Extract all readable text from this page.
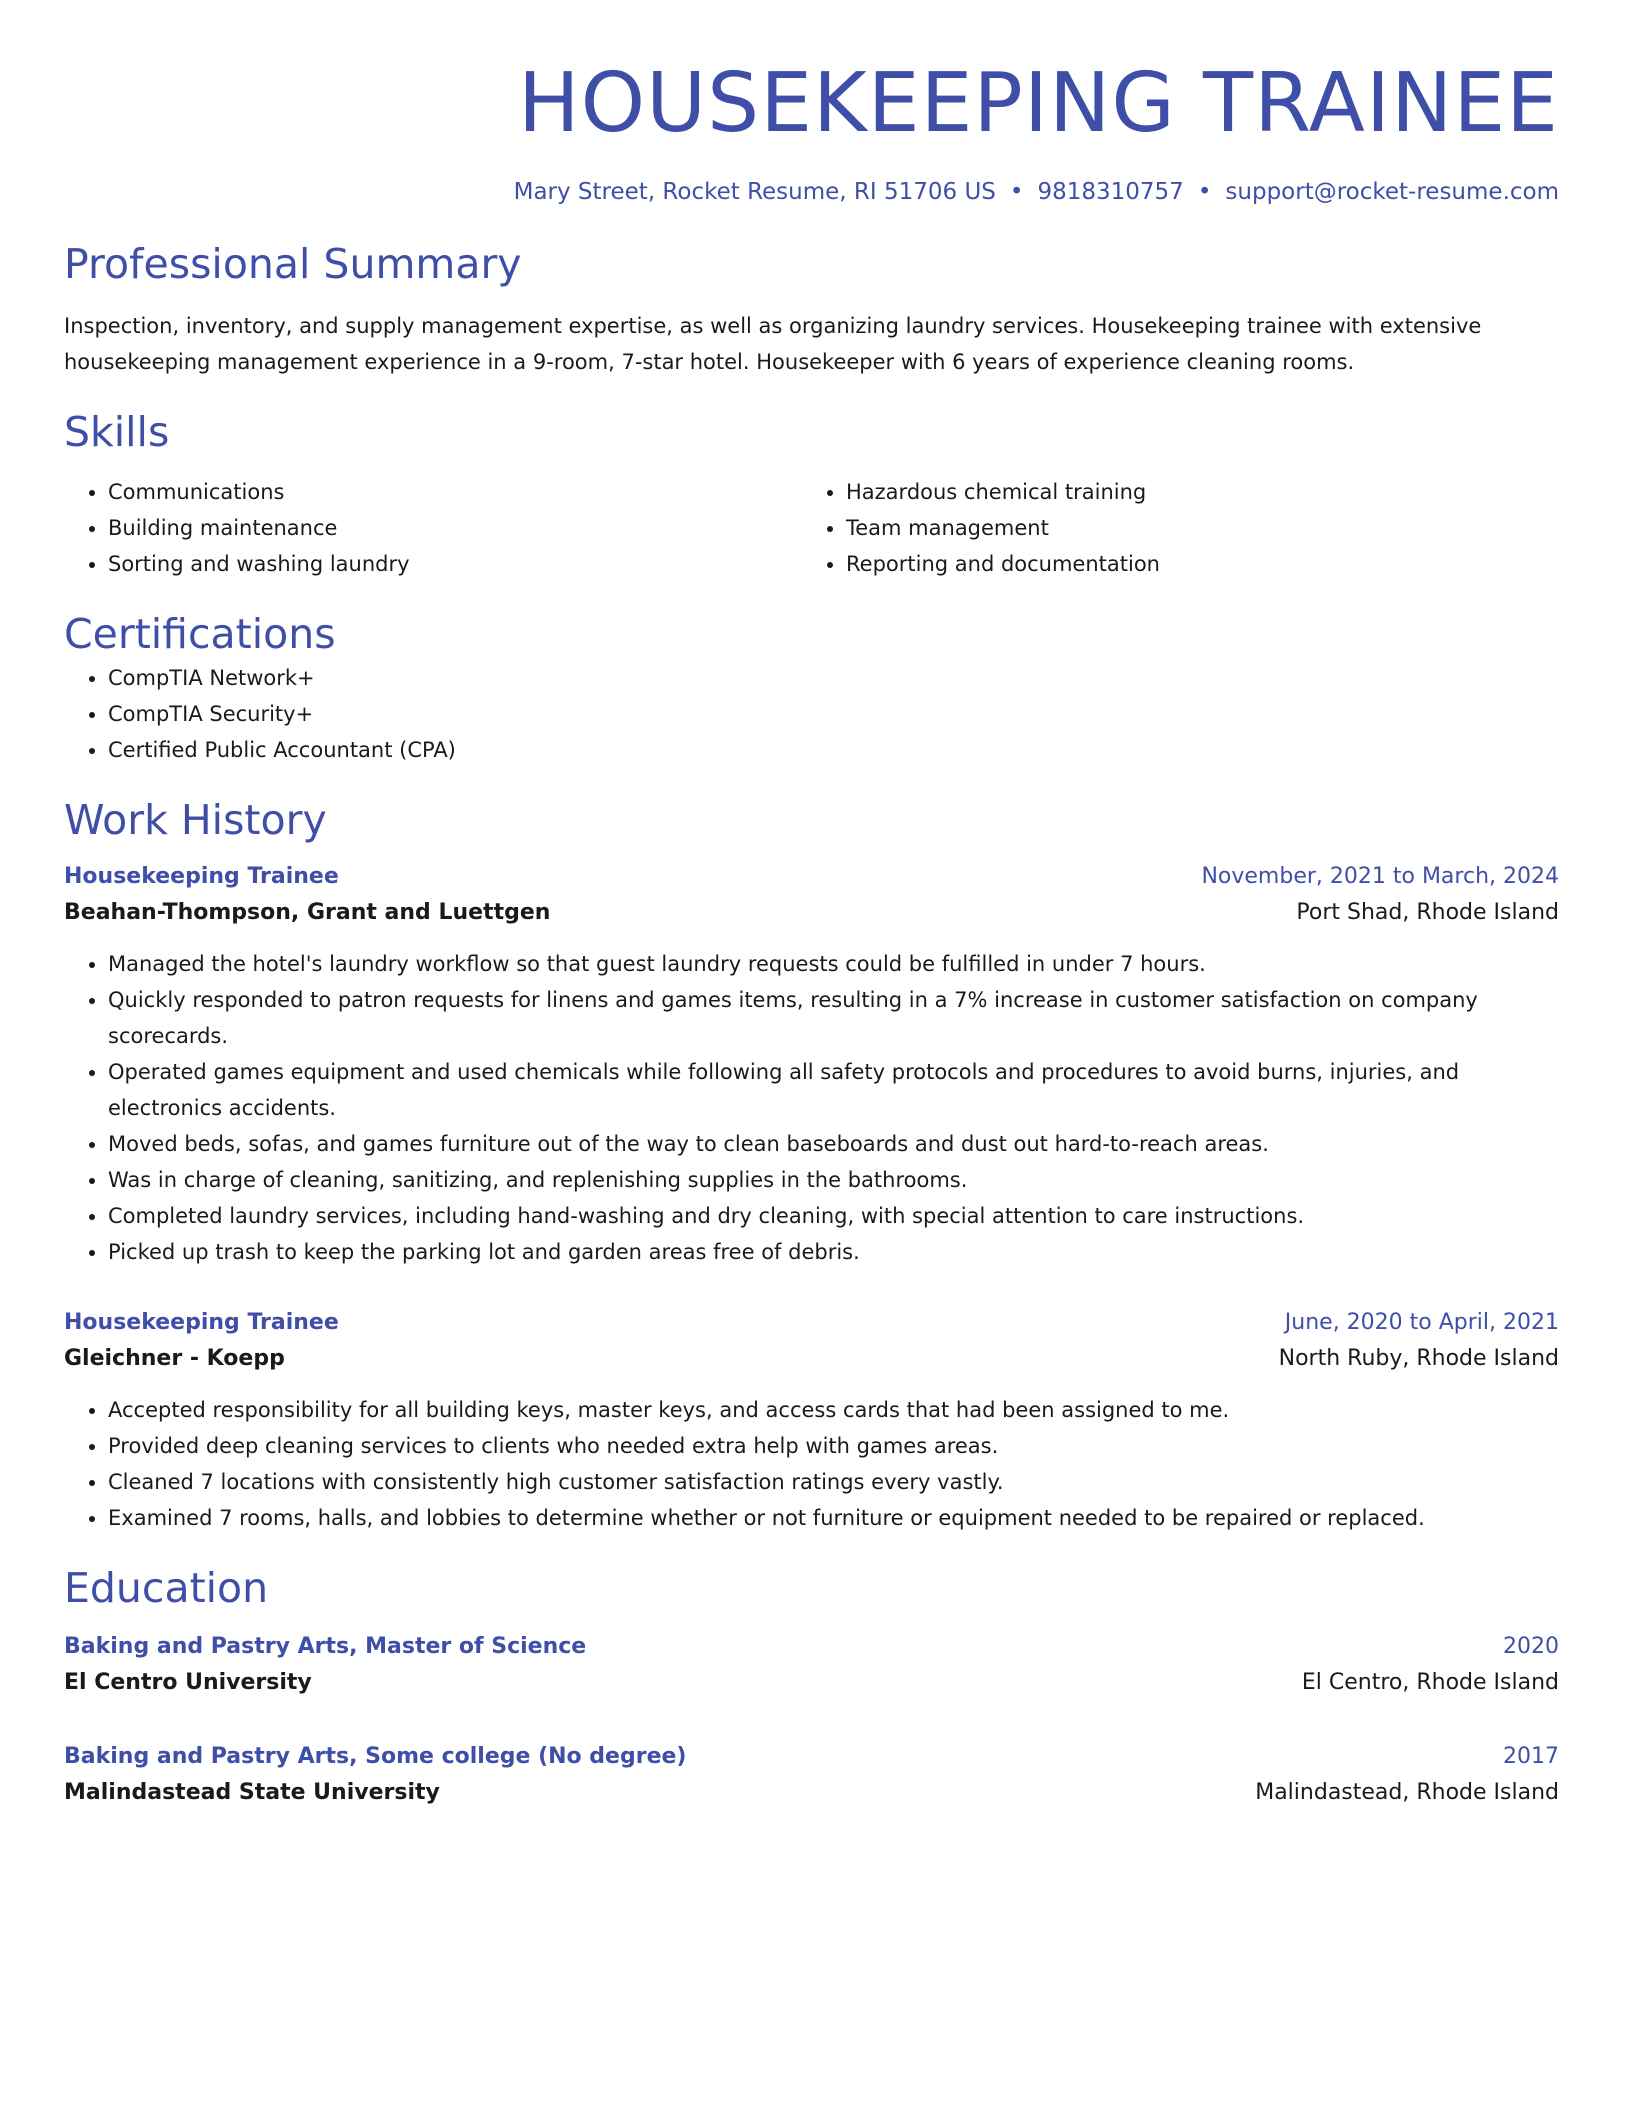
HOUSEKEEPING TRAINEE
Mary Street, Rocket Resume, RI 51706 US • 9818310757 • support@rocket-resume.com
Professional Summary
Inspection, inventory, and supply management expertise, as well as organizing laundry services. Housekeeping trainee with extensive housekeeping management experience in a 9-room, 7-star hotel. Housekeeper with 6 years of experience cleaning rooms.
Skills
• Communications
• Building maintenance
• Sorting and washing laundry
• Hazardous chemical training
• Team management
• Reporting and documentation
Certifications
• CompTIA Network+
• CompTIA Security+
• Certified Public Accountant (CPA)
Work History
Housekeeping Trainee	November, 2021 to March, 2024
Beahan-Thompson, Grant and Luettgen	Port Shad, Rhode Island
• Managed the hotel's laundry workflow so that guest laundry requests could be fulfilled in under 7 hours.
• Quickly responded to patron requests for linens and games items, resulting in a 7% increase in customer satisfaction on company scorecards.
• Operated games equipment and used chemicals while following all safety protocols and procedures to avoid burns, injuries, and electronics accidents.
• Moved beds, sofas, and games furniture out of the way to clean baseboards and dust out hard-to-reach areas.
• Was in charge of cleaning, sanitizing, and replenishing supplies in the bathrooms.
• Completed laundry services, including hand-washing and dry cleaning, with special attention to care instructions.
• Picked up trash to keep the parking lot and garden areas free of debris.
Housekeeping Trainee	June, 2020 to April, 2021
Gleichner - Koepp	North Ruby, Rhode Island
• Accepted responsibility for all building keys, master keys, and access cards that had been assigned to me.
• Provided deep cleaning services to clients who needed extra help with games areas.
• Cleaned 7 locations with consistently high customer satisfaction ratings every vastly.
• Examined 7 rooms, halls, and lobbies to determine whether or not furniture or equipment needed to be repaired or replaced.
Education
Baking and Pastry Arts, Master of Science	2020
El Centro University	El Centro, Rhode Island
Baking and Pastry Arts, Some college (No degree)	2017
Malindastead State University	Malindastead, Rhode Island
